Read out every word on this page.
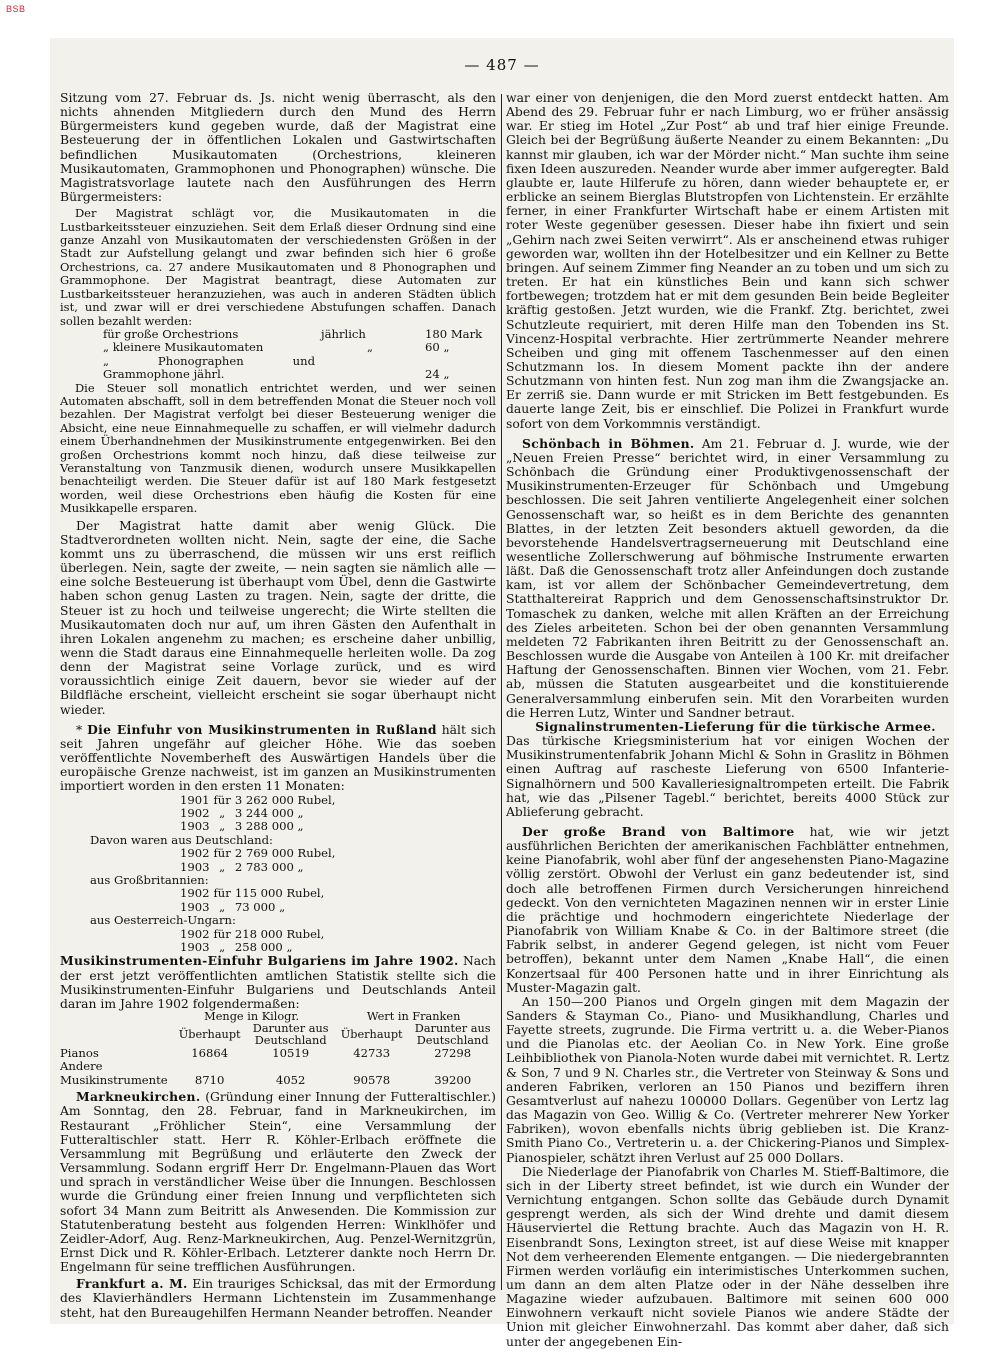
BSB
— 487 —

Sitzung vom 27. Februar ds. Js. nicht wenig überrascht, als den nichts ahnenden Mitgliedern durch den Mund des Herrn Bürgermeisters kund gegeben wurde, daß der Magistrat eine Besteuerung der in öffentlichen Lokalen und Gastwirtschaften befindlichen Musikautomaten (Orchestrions, kleineren Musikautomaten, Grammophonen und Phonographen) wünsche. Die Magistratsvorlage lautete nach den Ausführungen des Herrn Bürgermeisters:

Der Magistrat schlägt vor, die Musikautomaten in die Lustbarkeitssteuer einzuziehen. Seit dem Erlaß dieser Ordnung sind eine ganze Anzahl von Musikautomaten der verschiedensten Größen in der Stadt zur Aufstellung gelangt und zwar befinden sich hier 6 große Orchestrions, ca. 27 andere Musikautomaten und 8 Phonographen und Grammophone. Der Magistrat beantragt, diese Automaten zur Lustbarkeitssteuer heranzuziehen, was auch in anderen Städten üblich ist, und zwar will er drei verschiedene Abstufungen schaffen. Danach sollen bezahlt werden:

für große Orchestrions	jährlich	180 Mark
„ kleinere Musikautomaten	„	60 „
„ Phonographen und Grammophone jährl.		24 „

Die Steuer soll monatlich entrichtet werden, und wer seinen Automaten abschafft, soll in dem betreffenden Monat die Steuer noch voll bezahlen. Der Magistrat verfolgt bei dieser Besteuerung weniger die Absicht, eine neue Einnahmequelle zu schaffen, er will vielmehr dadurch einem Überhandnehmen der Musikinstrumente entgegenwirken. Bei den großen Orchestrions kommt noch hinzu, daß diese teilweise zur Veranstaltung von Tanzmusik dienen, wodurch unsere Musikkapellen benachteiligt werden. Die Steuer dafür ist auf 180 Mark festgesetzt worden, weil diese Orchestrions eben häufig die Kosten für eine Musikkapelle ersparen.

Der Magistrat hatte damit aber wenig Glück. Die Stadtverordneten wollten nicht. Nein, sagte der eine, die Sache kommt uns zu überraschend, die müssen wir uns erst reiflich überlegen. Nein, sagte der zweite, — nein sagten sie nämlich alle — eine solche Besteuerung ist überhaupt vom Übel, denn die Gastwirte haben schon genug Lasten zu tragen. Nein, sagte der dritte, die Steuer ist zu hoch und teilweise ungerecht; die Wirte stellten die Musikautomaten doch nur auf, um ihren Gästen den Aufenthalt in ihren Lokalen angenehm zu machen; es erscheine daher unbillig, wenn die Stadt daraus eine Einnahmequelle herleiten wolle. Da zog denn der Magistrat seine Vorlage zurück, und es wird voraussichtlich einige Zeit dauern, bevor sie wieder auf der Bildfläche erscheint, vielleicht erscheint sie sogar überhaupt nicht wieder.

* Die Einfuhr von Musikinstrumenten in Rußland hält sich seit Jahren ungefähr auf gleicher Höhe. Wie das soeben veröffentlichte Novemberheft des Auswärtigen Handels über die europäische Grenze nachweist, ist im ganzen an Musikinstrumenten importiert worden in den ersten 11 Monaten:

1901	für	3 262 000 Rubel,
1902	„	3 244 000 „
1903	„	3 288 000 „
Davon waren aus Deutschland:		
1902	für	2 769 000 Rubel,
1903	„	2 783 000 „
aus Großbritannien:		
1902	für	115 000 Rubel,
1903	„	73 000 „
aus Oesterreich-Ungarn:		
1902	für	218 000 Rubel,
1903	„	258 000 „

Musikinstrumenten-Einfuhr Bulgariens im Jahre 1902. Nach der erst jetzt veröffentlichten amtlichen Statistik stellte sich die Musikinstrumenten-Einfuhr Bulgariens und Deutschlands Anteil daran im Jahre 1902 folgendermaßen:

	Menge in Kilogr.		Wert in Franken	
	Überhaupt	Darunter aus Deutschland	Überhaupt	Darunter aus Deutschland
Pianos	16864	10519	42733	27298
Andere Musikinstrumente	8710	4052	90578	39200

Markneukirchen. (Gründung einer Innung der Futteraltischler.) Am Sonntag, den 28. Februar, fand in Markneukirchen, im Restaurant „Fröhlicher Stein“, eine Versammlung der Futteraltischler statt. Herr R. Köhler-Erlbach eröffnete die Versammlung mit Begrüßung und erläuterte den Zweck der Versammlung. Sodann ergriff Herr Dr. Engelmann-Plauen das Wort und sprach in verständlicher Weise über die Innungen. Beschlossen wurde die Gründung einer freien Innung und verpflichteten sich sofort 34 Mann zum Beitritt als Anwesenden. Die Kommission zur Statutenberatung besteht aus folgenden Herren: Winklhöfer und Zeidler-Adorf, Aug. Renz-Markneukirchen, Aug. Penzel-Wernitzgrün, Ernst Dick und R. Köhler-Erlbach. Letzterer dankte noch Herrn Dr. Engelmann für seine trefflichen Ausführungen.

Frankfurt a. M. Ein trauriges Schicksal, das mit der Ermordung des Klavierhändlers Hermann Lichtenstein im Zusammenhange steht, hat den Bureaugehilfen Hermann Neander betroffen. Neander

war einer von denjenigen, die den Mord zuerst entdeckt hatten. Am Abend des 29. Februar fuhr er nach Limburg, wo er früher ansässig war. Er stieg im Hotel „Zur Post“ ab und traf hier einige Freunde. Gleich bei der Begrüßung äußerte Neander zu einem Bekannten: „Du kannst mir glauben, ich war der Mörder nicht.“ Man suchte ihm seine fixen Ideen auszureden. Neander wurde aber immer aufgeregter. Bald glaubte er, laute Hilferufe zu hören, dann wieder behauptete er, er erblicke an seinem Bierglas Blutstropfen von Lichtenstein. Er erzählte ferner, in einer Frankfurter Wirtschaft habe er einem Artisten mit roter Weste gegenüber gesessen. Dieser habe ihn fixiert und sein „Gehirn nach zwei Seiten verwirrt“. Als er anscheinend etwas ruhiger geworden war, wollten ihn der Hotelbesitzer und ein Kellner zu Bette bringen. Auf seinem Zimmer fing Neander an zu toben und um sich zu treten. Er hat ein künstliches Bein und kann sich schwer fortbewegen; trotzdem hat er mit dem gesunden Bein beide Begleiter kräftig gestoßen. Jetzt wurden, wie die Frankf. Ztg. berichtet, zwei Schutzleute requiriert, mit deren Hilfe man den Tobenden ins St. Vincenz-Hospital verbrachte. Hier zertrümmerte Neander mehrere Scheiben und ging mit offenem Taschenmesser auf den einen Schutzmann los. In diesem Moment packte ihn der andere Schutzmann von hinten fest. Nun zog man ihm die Zwangsjacke an. Er zerriß sie. Dann wurde er mit Stricken im Bett festgebunden. Es dauerte lange Zeit, bis er einschlief. Die Polizei in Frankfurt wurde sofort von dem Vorkommnis verständigt.

Schönbach in Böhmen. Am 21. Februar d. J. wurde, wie der „Neuen Freien Presse“ berichtet wird, in einer Versammlung zu Schönbach die Gründung einer Produktivgenossenschaft der Musikinstrumenten-Erzeuger für Schönbach und Umgebung beschlossen. Die seit Jahren ventilierte Angelegenheit einer solchen Genossenschaft war, so heißt es in dem Berichte des genannten Blattes, in der letzten Zeit besonders aktuell geworden, da die bevorstehende Handelsvertragserneuerung mit Deutschland eine wesentliche Zollerschwerung auf böhmische Instrumente erwarten läßt. Daß die Genossenschaft trotz aller Anfeindungen doch zustande kam, ist vor allem der Schönbacher Gemeindevertretung, dem Statthaltereirat Rapprich und dem Genossenschaftsinstruktor Dr. Tomaschek zu danken, welche mit allen Kräften an der Erreichung des Zieles arbeiteten. Schon bei der oben genannten Versammlung meldeten 72 Fabrikanten ihren Beitritt zu der Genossenschaft an. Beschlossen wurde die Ausgabe von Anteilen à 100 Kr. mit dreifacher Haftung der Genossenschaften. Binnen vier Wochen, vom 21. Febr. ab, müssen die Statuten ausgearbeitet und die konstituierende Generalversammlung einberufen sein. Mit den Vorarbeiten wurden die Herren Lutz, Winter und Sandner betraut.

Signalinstrumenten-Lieferung für die türkische Armee.

Das türkische Kriegsministerium hat vor einigen Wochen der Musikinstrumentenfabrik Johann Michl & Sohn in Graslitz in Böhmen einen Auftrag auf rascheste Lieferung von 6500 Infanterie-Signalhörnern und 500 Kavalleriesignaltrompeten erteilt. Die Fabrik hat, wie das „Pilsener Tagebl.“ berichtet, bereits 4000 Stück zur Ablieferung gebracht.

Der große Brand von Baltimore hat, wie wir jetzt ausführlichen Berichten der amerikanischen Fachblätter entnehmen, keine Pianofabrik, wohl aber fünf der angesehensten Piano-Magazine völlig zerstört. Obwohl der Verlust ein ganz bedeutender ist, sind doch alle betroffenen Firmen durch Versicherungen hinreichend gedeckt. Von den vernichteten Magazinen nennen wir in erster Linie die prächtige und hochmodern eingerichtete Niederlage der Pianofabrik von William Knabe & Co. in der Baltimore street (die Fabrik selbst, in anderer Gegend gelegen, ist nicht vom Feuer betroffen), bekannt unter dem Namen „Knabe Hall“, die einen Konzertsaal für 400 Personen hatte und in ihrer Einrichtung als Muster-Magazin galt.

An 150—200 Pianos und Orgeln gingen mit dem Magazin der Sanders & Stayman Co., Piano- und Musikhandlung, Charles und Fayette streets, zugrunde. Die Firma vertritt u. a. die Weber-Pianos und die Pianolas etc. der Aeolian Co. in New York. Eine große Leihbibliothek von Pianola-Noten wurde dabei mit vernichtet. R. Lertz & Son, 7 und 9 N. Charles str., die Vertreter von Steinway & Sons und anderen Fabriken, verloren an 150 Pianos und beziffern ihren Gesamtverlust auf nahezu 100000 Dollars. Gegenüber von Lertz lag das Magazin von Geo. Willig & Co. (Vertreter mehrerer New Yorker Fabriken), wovon ebenfalls nichts übrig geblieben ist. Die Kranz-Smith Piano Co., Vertreterin u. a. der Chickering-Pianos und Simplex-Pianospieler, schätzt ihren Verlust auf 25 000 Dollars.

Die Niederlage der Pianofabrik von Charles M. Stieff-Baltimore, die sich in der Liberty street befindet, ist wie durch ein Wunder der Vernichtung entgangen. Schon sollte das Gebäude durch Dynamit gesprengt werden, als sich der Wind drehte und damit diesem Häuserviertel die Rettung brachte. Auch das Magazin von H. R. Eisenbrandt Sons, Lexington street, ist auf diese Weise mit knapper Not dem verheerenden Elemente entgangen. — Die niedergebrannten Firmen werden vorläufig ein interimistisches Unterkommen suchen, um dann an dem alten Platze oder in der Nähe desselben ihre Magazine wieder aufzubauen. Baltimore mit seinen 600 000 Einwohnern verkauft nicht soviele Pianos wie andere Städte der Union mit gleicher Einwohnerzahl. Das kommt aber daher, daß sich unter der angegebenen Ein-
